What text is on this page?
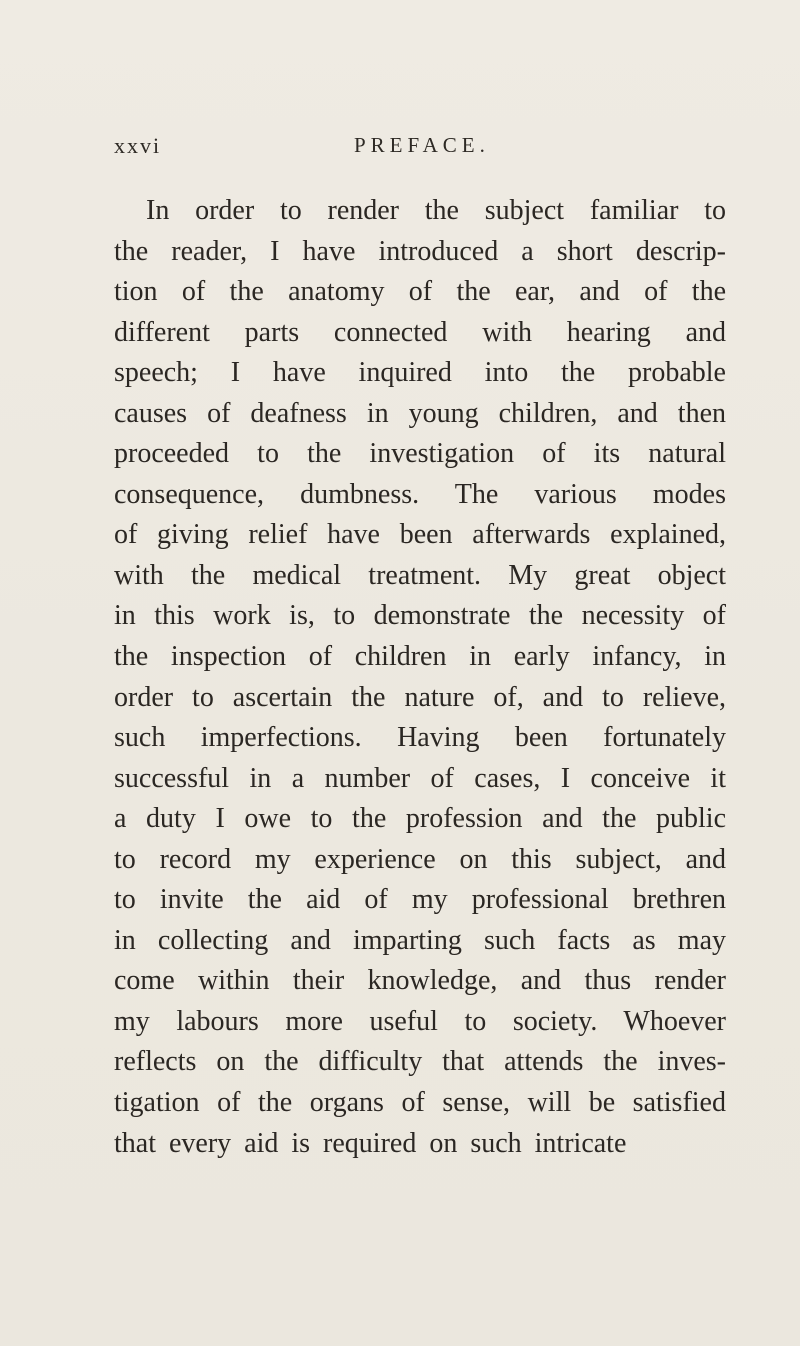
xxvi	PREFACE.
In order to render the subject familiar to
the reader, I have introduced a short descrip-
tion of the anatomy of the ear, and of the
different parts connected with hearing and
speech; I have inquired into the probable
causes of deafness in young children, and then
proceeded to the investigation of its natural
consequence, dumbness. The various modes
of giving relief have been afterwards explained,
with the medical treatment. My great object
in this work is, to demonstrate the necessity of
the inspection of children in early infancy, in
order to ascertain the nature of, and to relieve,
such imperfections. Having been fortunately
successful in a number of cases, I conceive it
a duty I owe to the profession and the public
to record my experience on this subject, and
to invite the aid of my professional brethren
in collecting and imparting such facts as may
come within their knowledge, and thus render
my labours more useful to society. Whoever
reflects on the difficulty that attends the inves-
tigation of the organs of sense, will be satisfied
that every aid is required on such intricate
